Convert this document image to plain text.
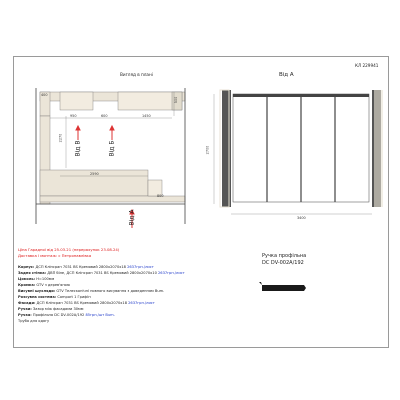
Вигляд в плані	Від А
КЛ 229941
400
950	600	1450
500
2270
2590
800
Від В	Від Б
Від А
2700
3400
Ручка профільна
DC DV-002A/192
Ціна Гарадної від 25.03.21 (перерахунок 23.08.24)
Доставка і монтаж: с Петропавлівка
Корпус: ДСП Кліпсран 7031 BS Кремовий 2800х2070х18 2637грн./лист
Задня стінка: ДВП білe, ДСП Кліпсран 7031 BS Кремовий 2800х2070х10 2637грн./лист
Цоколь: H=100мм
Кромка: GTV з дерев'яною
Висувні шухляди: GTV Телескопічні повного висування з доведенням Bum.
Розсувна система: Comport 1 Грифін
Фасади: ДСП Кліпсран 7031 BS Кремовий 2800х2070х18 2637грн./лист
Ручки: Зазор між фасадами 30мм
Ручка: Профільна DC DV-002A/192 85грн./шт Bum.
Труба для одягу
